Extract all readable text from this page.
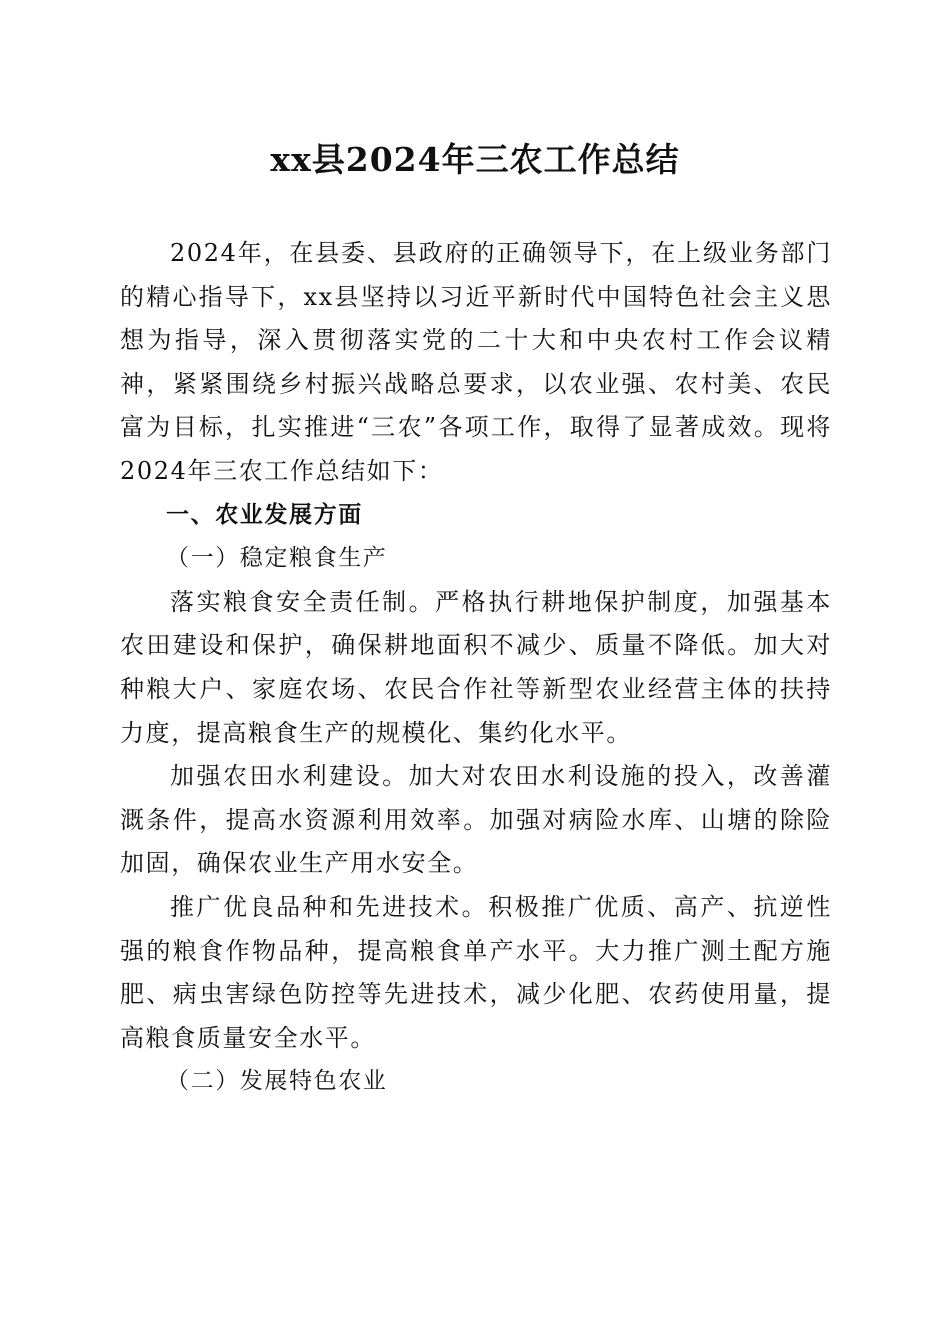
xx县2024年三农工作总结

2024年，在县委、县政府的正确领导下，在上级业务部门的精心指导下，xx县坚持以习近平新时代中国特色社会主义思想为指导，深入贯彻落实党的二十大和中央农村工作会议精神，紧紧围绕乡村振兴战略总要求，以农业强、农村美、农民富为目标，扎实推进“三农”各项工作，取得了显著成效。现将2024年三农工作总结如下：

一、农业发展方面
（一）稳定粮食生产

落实粮食安全责任制。严格执行耕地保护制度，加强基本农田建设和保护，确保耕地面积不减少、质量不降低。加大对种粮大户、家庭农场、农民合作社等新型农业经营主体的扶持力度，提高粮食生产的规模化、集约化水平。

加强农田水利建设。加大对农田水利设施的投入，改善灌溉条件，提高水资源利用效率。加强对病险水库、山塘的除险加固，确保农业生产用水安全。

推广优良品种和先进技术。积极推广优质、高产、抗逆性强的粮食作物品种，提高粮食单产水平。大力推广测土配方施肥、病虫害绿色防控等先进技术，减少化肥、农药使用量，提高粮食质量安全水平。

（二）发展特色农业
